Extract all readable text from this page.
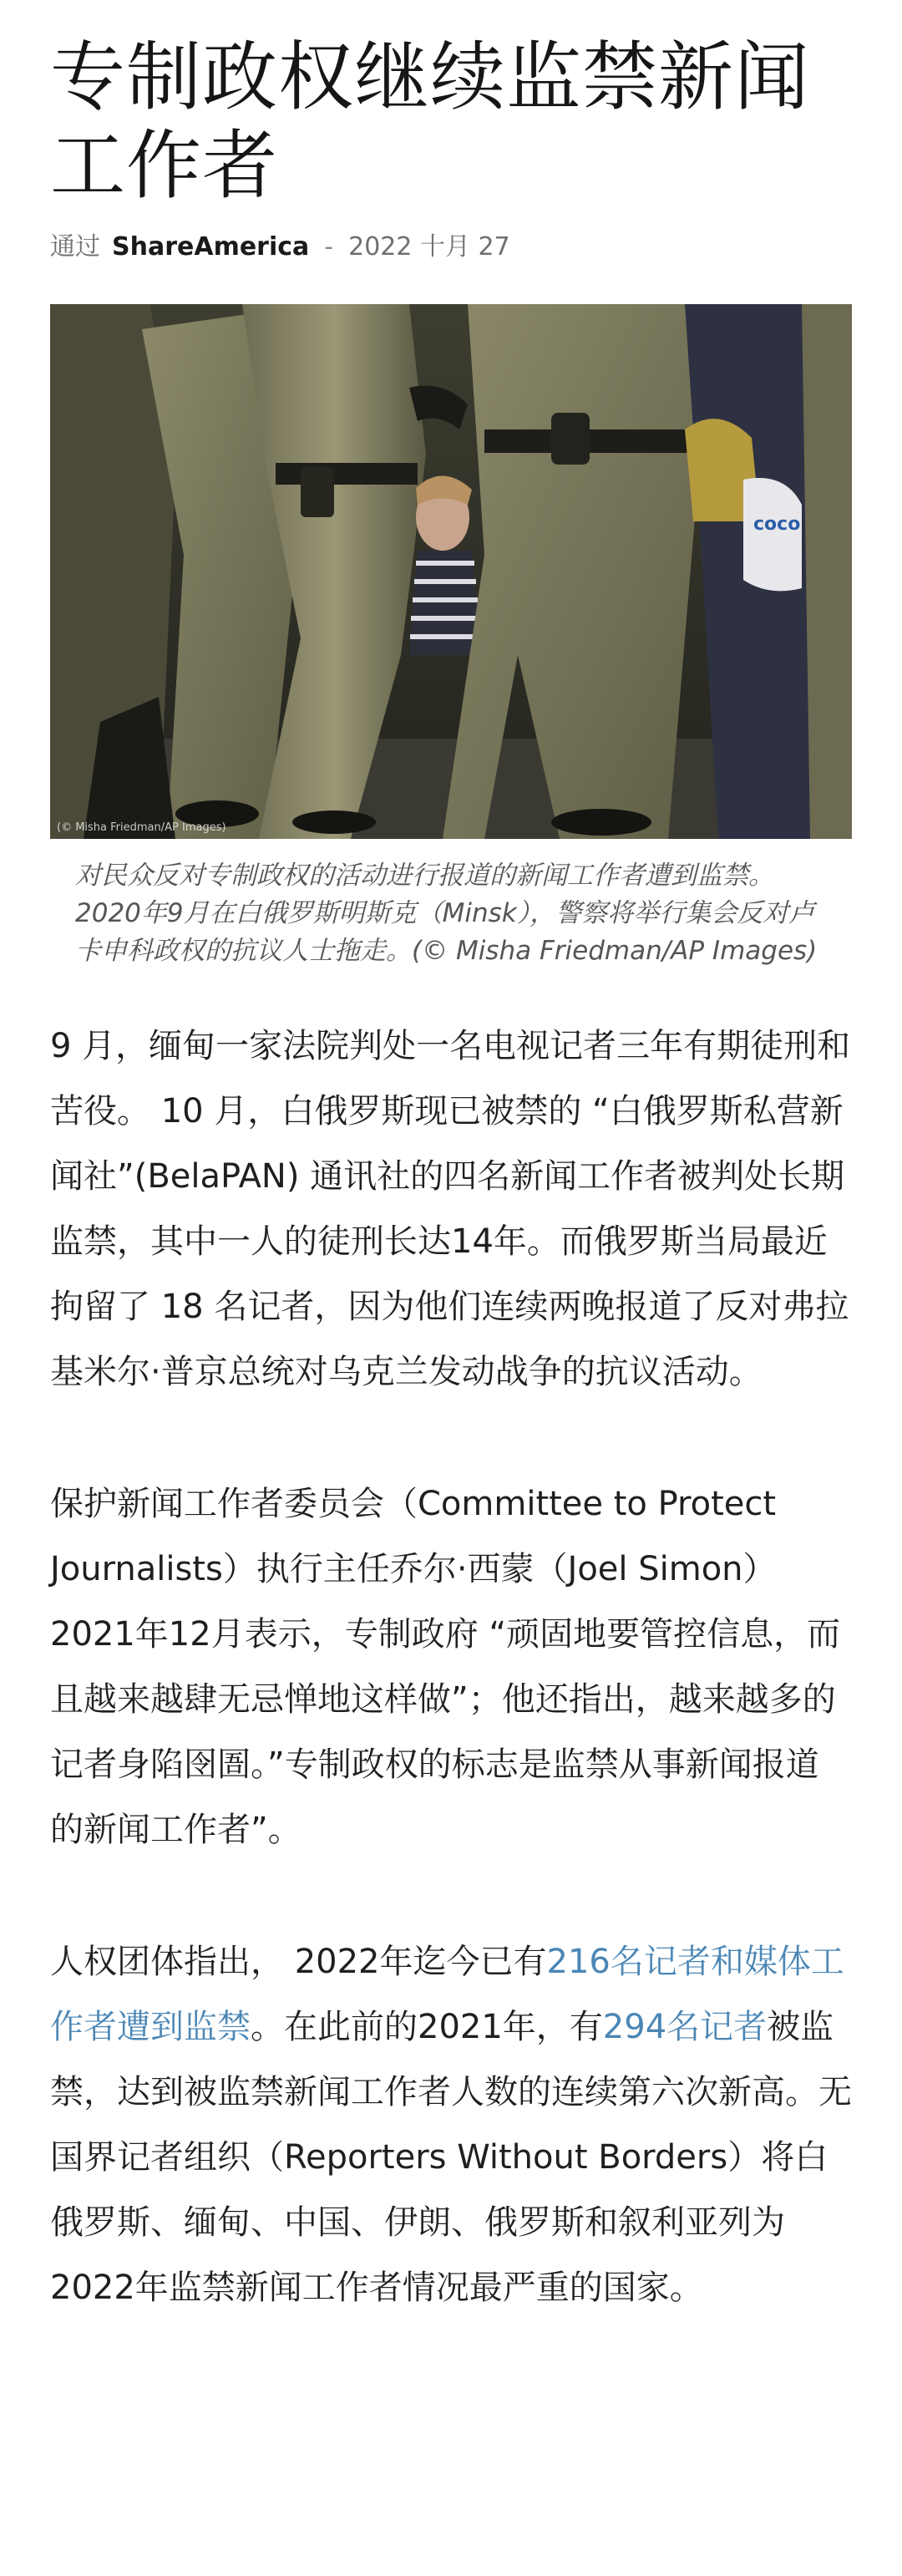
专制政权继续监禁新闻工作者
通过 ShareAmerica - 2022 十月 27
coco
(© Misha Friedman/AP Images)
对民众反对专制政权的活动进行报道的新闻工作者遭到监禁。2020年9月在白俄罗斯明斯克（Minsk），警察将举行集会反对卢卡申科政权的抗议人士拖走。(© Misha Friedman/AP Images)

9 月，缅甸一家法院判处一名电视记者三年有期徒刑和苦役。 10 月，白俄罗斯现已被禁的 “白俄罗斯私营新闻社”(BelaPAN) 通讯社的四名新闻工作者被判处长期监禁，其中一人的徒刑长达14年。而俄罗斯当局最近拘留了 18 名记者，因为他们连续两晚报道了反对弗拉基米尔·普京总统对乌克兰发动战争的抗议活动。

保护新闻工作者委员会（Committee to Protect Journalists）执行主任乔尔·西蒙（Joel Simon）2021年12月表示，专制政府 “顽固地要管控信息，而且越来越肆无忌惮地这样做”；他还指出，越来越多的记者身陷囹圄。”专制政权的标志是监禁从事新闻报道的新闻工作者”。

人权团体指出， 2022年迄今已有216名记者和媒体工作者遭到监禁。在此前的2021年，有294名记者被监禁，达到被监禁新闻工作者人数的连续第六次新高。无国界记者组织（Reporters Without Borders）将白俄罗斯、缅甸、中国、伊朗、俄罗斯和叙利亚列为2022年监禁新闻工作者情况最严重的国家。
